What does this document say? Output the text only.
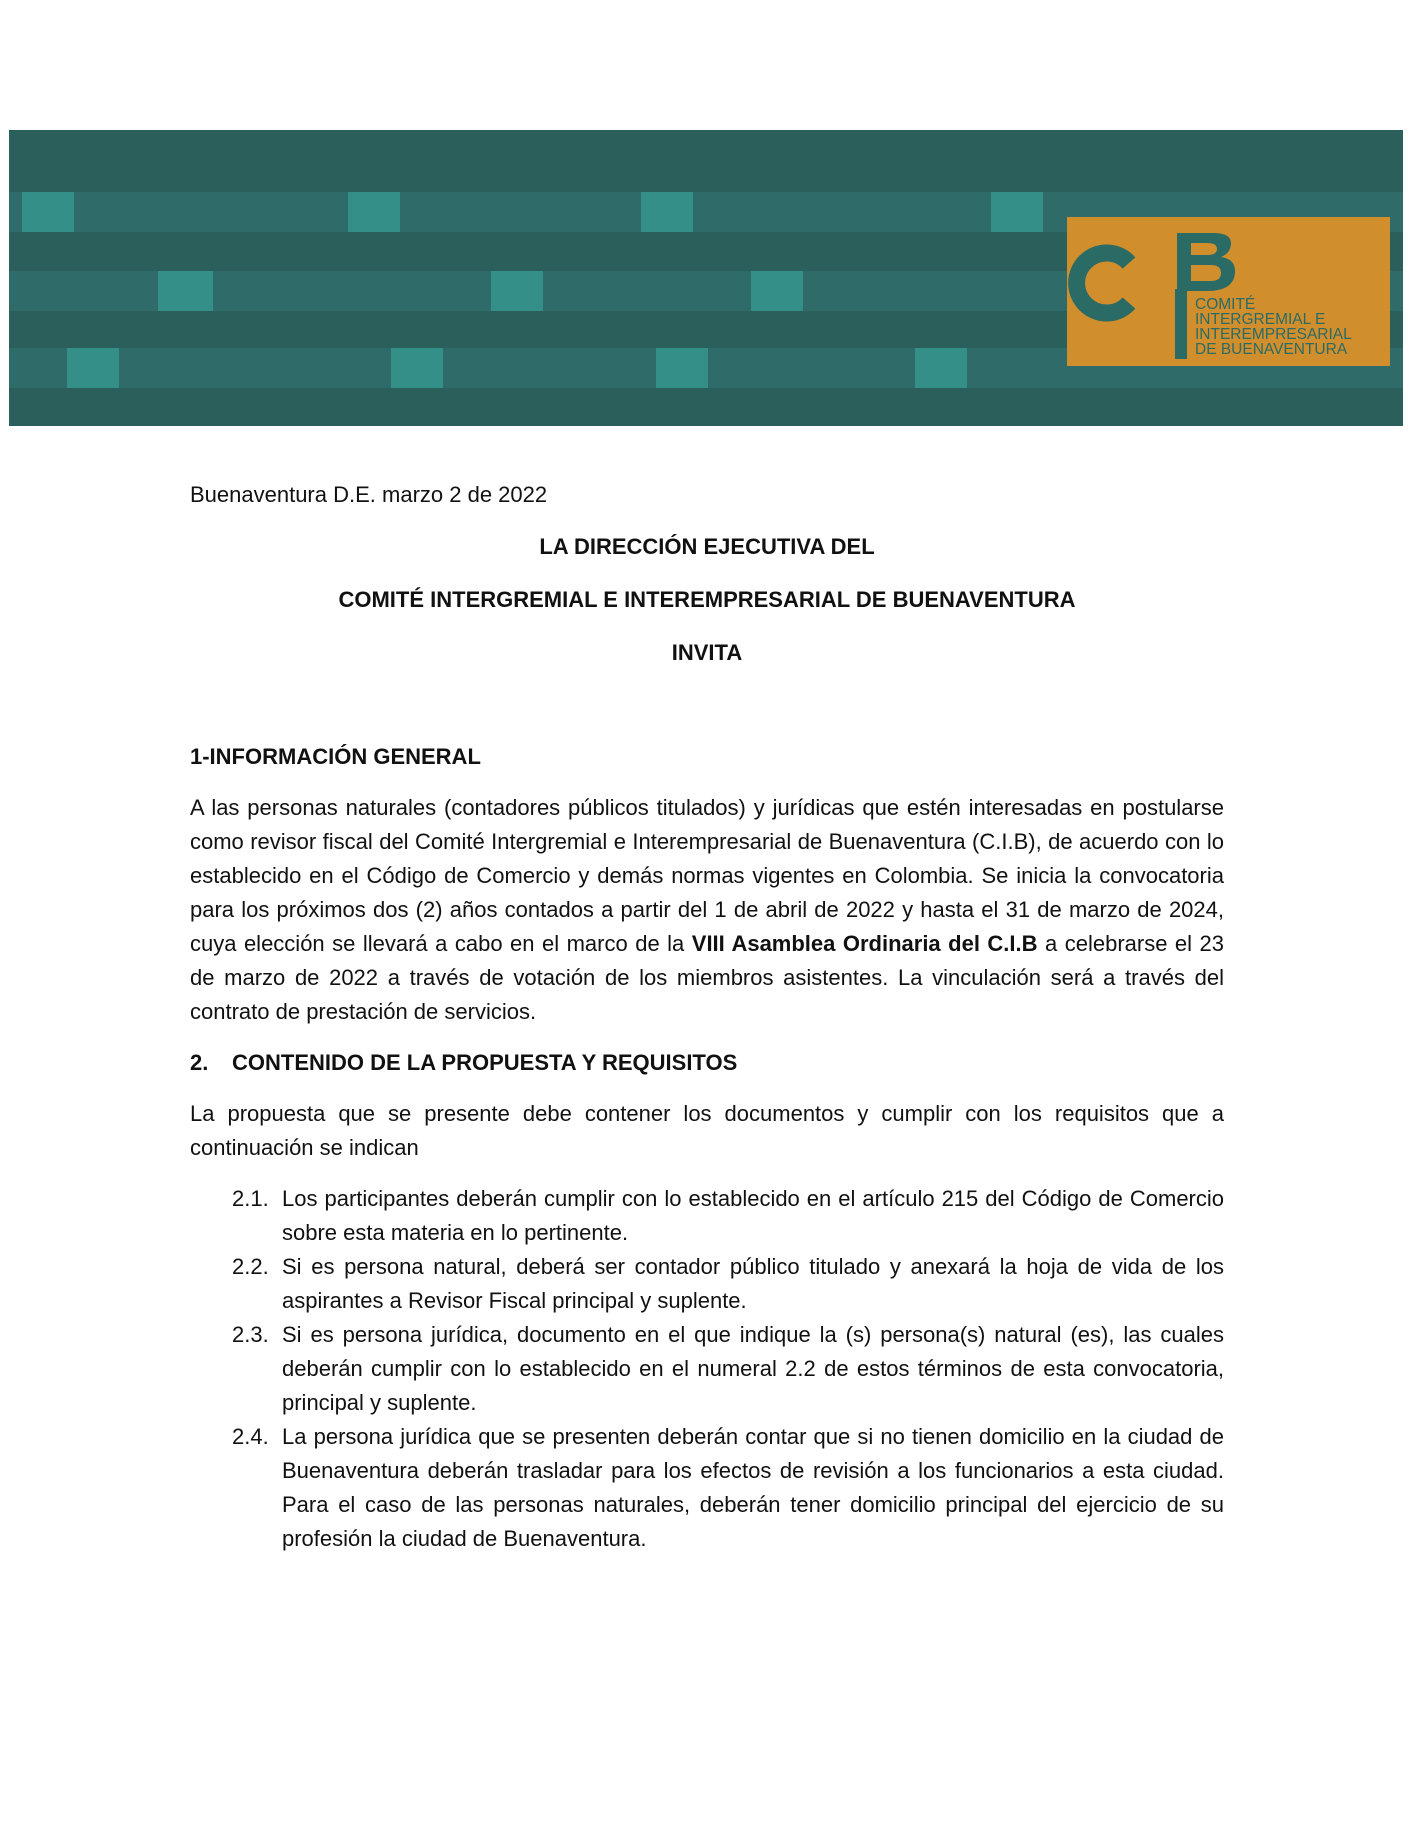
COMITÉ
INTERGREMIAL E
INTEREMPRESARIAL
DE BUENAVENTURA

Buenaventura D.E. marzo 2 de 2022

LA DIRECCIÓN EJECUTIVA DEL

COMITÉ INTERGREMIAL E INTEREMPRESARIAL DE BUENAVENTURA

INVITA

1-INFORMACIÓN GENERAL

A las personas naturales (contadores públicos titulados) y jurídicas que estén interesadas en postularse como revisor fiscal del Comité Intergremial e Interempresarial de Buenaventura (C.I.B), de acuerdo con lo establecido en el Código de Comercio y demás normas vigentes en Colombia. Se inicia la convocatoria para los próximos dos (2) años contados a partir del 1 de abril de 2022 y hasta el 31 de marzo de 2024, cuya elección se llevará a cabo en el marco de la VIII Asamblea Ordinaria del C.I.B a celebrarse el 23 de marzo de 2022 a través de votación de los miembros asistentes. La vinculación será a través del contrato de prestación de servicios.

2. CONTENIDO DE LA PROPUESTA Y REQUISITOS

La propuesta que se presente debe contener los documentos y cumplir con los requisitos que a continuación se indican

2.1. Los participantes deberán cumplir con lo establecido en el artículo 215 del Código de Comercio sobre esta materia en lo pertinente.
2.2. Si es persona natural, deberá ser contador público titulado y anexará la hoja de vida de los aspirantes a Revisor Fiscal principal y suplente.
2.3. Si es persona jurídica, documento en el que indique la (s) persona(s) natural (es), las cuales deberán cumplir con lo establecido en el numeral 2.2 de estos términos de esta convocatoria, principal y suplente.
2.4. La persona jurídica que se presenten deberán contar que si no tienen domicilio en la ciudad de Buenaventura deberán trasladar para los efectos de revisión a los funcionarios a esta ciudad. Para el caso de las personas naturales, deberán tener domicilio principal del ejercicio de su profesión la ciudad de Buenaventura.
